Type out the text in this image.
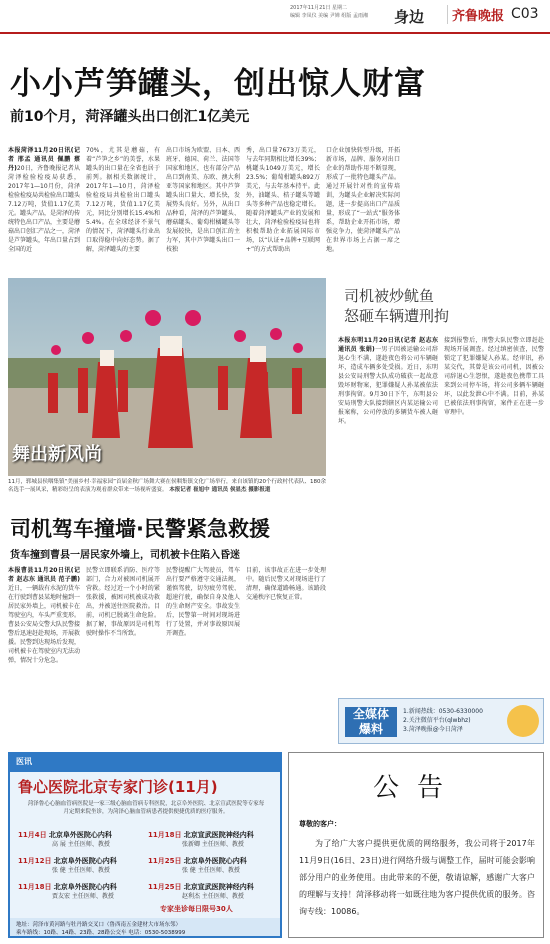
2017年11月21日 星期二
编辑 李凤仪 美编 尹婵 组版 孟雨湘 身边	齐鲁晚报 C03
小小芦笋罐头，创出惊人财富
前10个月，菏泽罐头出口创汇1亿美元
本报菏泽11月20日讯(记者 邢孟 通讯员 佩鹏 蔡丹)20日，齐鲁晚报记者从菏泽检验检疫局获悉，2017年1—10月份，菏泽检验检疫局共检验出口罐头7.12万吨，货值1.17亿美元。罐头产品，是菏泽的传统特色出口产品，主要是蘑菇出口创汇产品之一，菏泽是芦笋罐头，年出口量占到全国的近
70%，尤其是蘑菇，有着“芦笋之乡”的美誉，水果罐头的出口量在全省也居于前列。据相关数据统计，2017年1—10月，菏泽检验检疫局共检验出口罐头7.12万吨，货值1.17亿美元，同比分别增长15.4%和5.4%。在全球经济不景气的情况下，菏泽罐头行业出口取得稳中向好态势。据了解，菏泽罐头的主要
出口市场为欧盟、日本、西班牙、德国、荷兰、法国等国家和地区，也有部分产品出口到南美、东欧、澳大利亚等国家和地区。其中芦笋罐头出口量大、增长快，发展势头良好。另外，从出口品种看，菏泽的芦笋罐头、蘑菇罐头、葡萄柑橘罐头等发展较快，是出口创汇的主力军，其中芦笋罐头出口一枝独
秀，出口量7673万美元，与去年同期相比增长39%；桃罐头1049万美元，增长23.5%；葡萄柑罐头892万美元，与去年基本持平。此外，油罐头、桔子罐头等罐头等多种产品也稳定增长。随着菏泽罐头产业的发展和壮大，菏泽检验检疫局也将积极帮助企业拓展国际市场，以“认证+品牌+互联网+”的方式帮助出
口企业加快转型升级，开拓新市场，品牌、服务对出口企业的帮助作用不断显现，形成了一批特色罐头产品。通过开展针对性的宣传培训，为罐头企业解决实际问题，进一步提高出口产品质量，形成了“一站式”服务体系，帮助企业开拓市场，增强竞争力，使菏泽罐头产品在世界市场上占据一席之地。
舞出新风尚
11月，郓城县侯咽集镇“美丽乡村·幸福家园”首届金秋广场舞大赛在侯咽集镇文化广场举行，来自该镇的20个行政村代表队、180余名选手一展风采，精彩纷呈的表演为观看群众带来一场视听盛宴。 本报记者 崔旭中 通讯员 侯显杰 摄影报道
司机驾车撞墙·民警紧急救援
货车撞到曹县一居民家外墙上，司机被卡住陷入昏迷
本报曹县11月20日讯(记者 赵志东 通讯员 范子鹏)近日，一辆载有水泥的货车在行驶到曹县某地时撞到一居民家外墙上，司机被卡在驾驶室内，车头严重变形。曹县公安局交警大队民警接警后迅速赶赴现场，开展救援。民警到达现场后发现，司机被卡在驾驶室内无法动弹，情况十分危急。
民警立即联系消防、医疗等部门，合力对被困司机展开营救。经过近一个小时的紧张救援，被困司机被成功救出，并被送往医院救治。目前，司机已脱离生命危险。据了解，事故原因是司机驾驶时操作不当所致。
民警提醒广大驾驶员，驾车出行要严格遵守交通法规，谨慎驾驶，切勿疲劳驾驶、超速行驶，确保自身及他人的生命财产安全。事故发生后，民警第一时间对现场进行了处置，并对事故原因展开调查。
目前，该事故正在进一步处理中。随后民警又对现场进行了清理，确保道路畅通。该路段交通秩序已恢复正常。
司机被炒鱿鱼
怒砸车辆遭刑拘
本报东明11月20日讯(记者 赵志东 通讯员 张娟)一男子因被运输公司辞退心生不满，遂趁夜色将公司车辆砸坏，造成车辆多处受损。近日，东明县公安局刑警大队成功破获一起故意毁坏财物案，犯罪嫌疑人孙某被依法刑事拘留。9月30日下午，东明县公安局刑警大队接到辖区内某运输公司报案称，公司停放的多辆货车被人砸坏。
接到报警后，刑警大队民警立即赶赴现场开展调查。经过缜密侦查，民警锁定了犯罪嫌疑人孙某。经审讯，孙某交代，其曾是该公司司机，因被公司辞退心生怨恨，遂趁夜色携带工具来到公司停车场，将公司多辆车辆砸坏，以此发泄心中不满。目前，孙某已被依法刑事拘留，案件正在进一步审理中。
全媒体 爆料
1.新闻热线：0530-6330000
2.关注微信平台(qlwbhz)
3.菏泽晚报@今日菏泽
医讯
鲁心医院北京专家门诊(11月)
菏泽鲁心心脑血管病医院是一家三级心脑血管病专科医院，北京阜外医院、北京宣武医院等专家每月定期来院坐诊，为菏泽心脑血管病患者提供便捷优质的医疗服务。
11月4日 北京阜外医院心内科
高 展 主任医师、教授
11月18日 北京宣武医院神经内科
张新卿 主任医师、教授
11月12日 北京阜外医院心内科
张 健 主任医师、教授
11月25日 北京阜外医院心内科
张 健 主任医师、教授
11月18日 北京阜外医院心内科
贾友宏 主任医师、教授
11月25日 北京宣武医院神经内科
赵利杰 主任医师、教授
专家坐诊每日限号30人
地址：菏泽市黄河路与牡丹路交叉口（鲁西南五金建材大市场东邻）
乘车路线：10路、14路、23路、28路公交车 电话：0530-5038999
公告
尊敬的客户：
为了给广大客户提供更优质的网络服务，我公司将于2017年11月9日(16日、23日)进行网络升级与调整工作，届时可能会影响部分用户的业务使用。由此带来的不便，敬请谅解，感谢广大客户的理解与支持！菏泽移动将一如既往地为客户提供优质的服务。咨询专线：10086。
